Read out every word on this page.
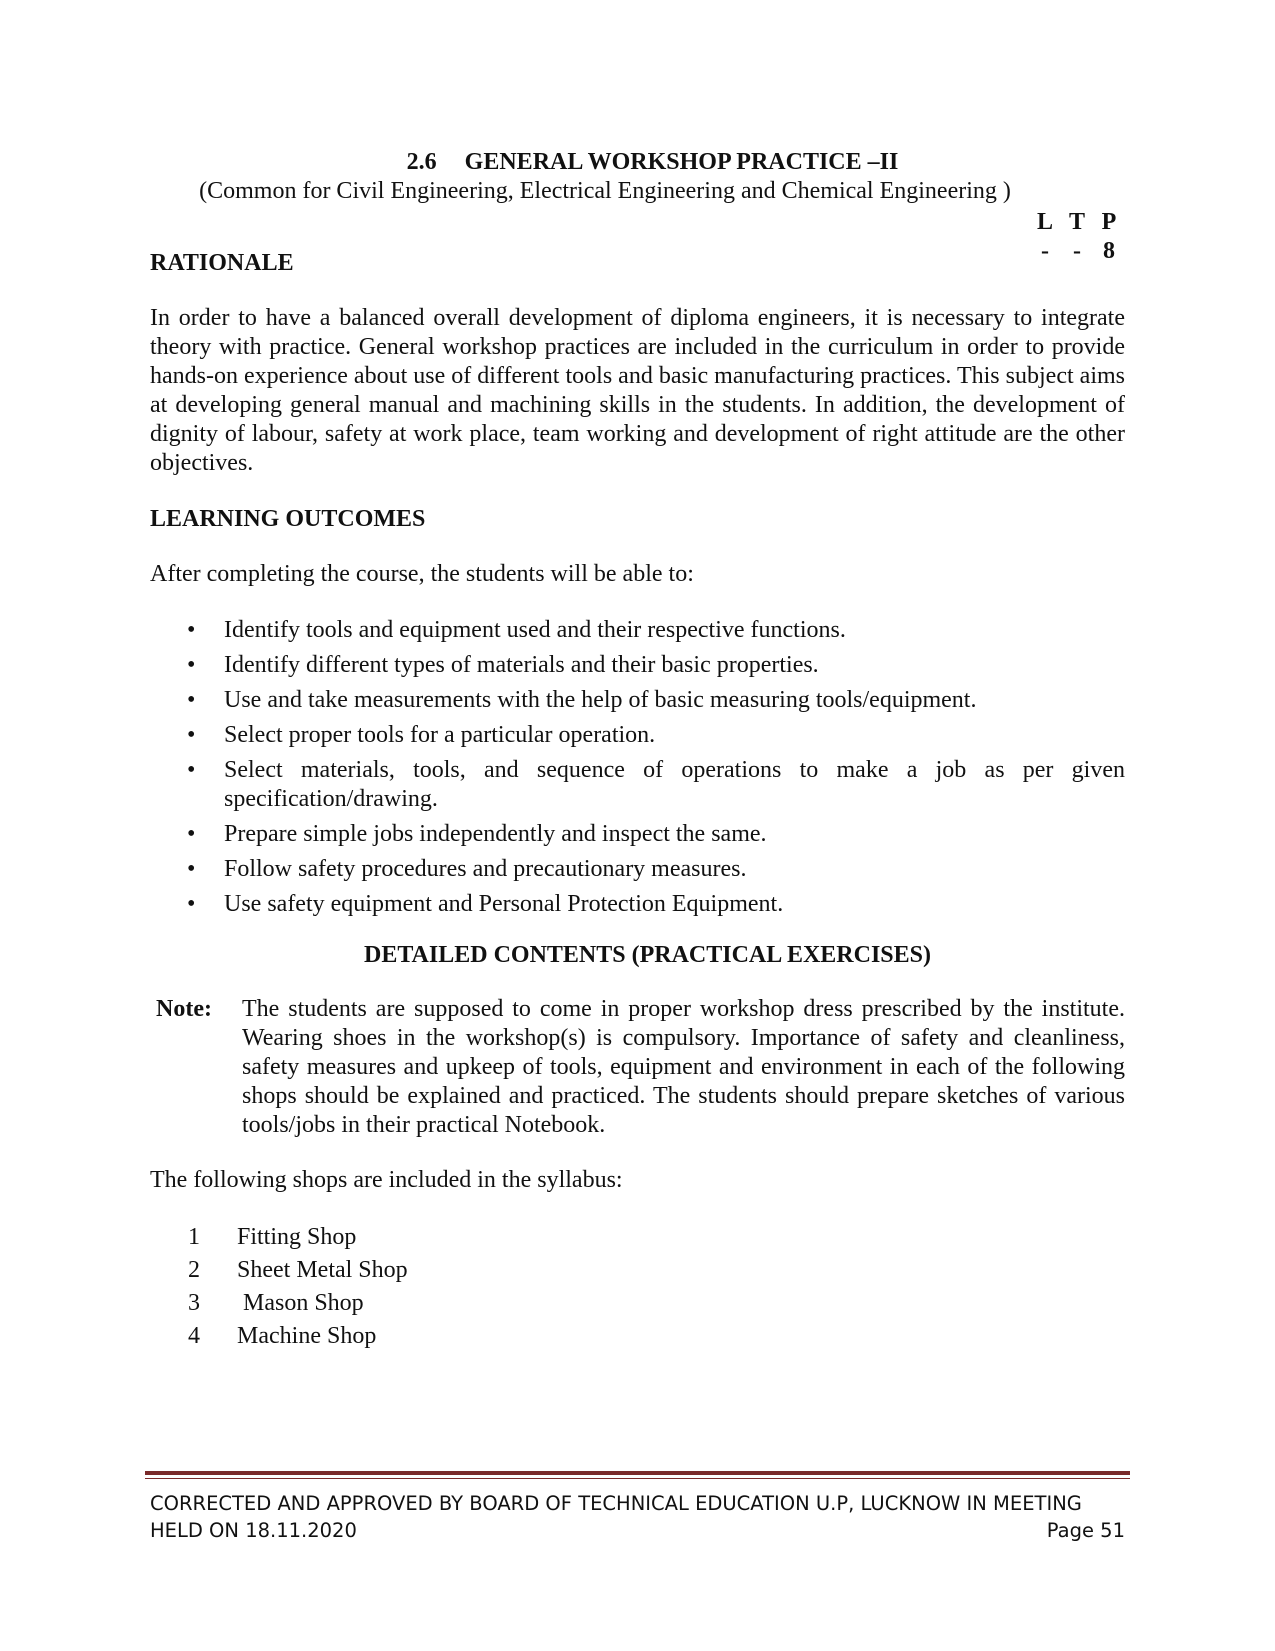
2.6 GENERAL WORKSHOP PRACTICE –II
(Common for Civil Engineering, Electrical Engineering and Chemical Engineering )
L T P
- - 8
RATIONALE
In order to have a balanced overall development of diploma engineers, it is necessary to integrate theory with practice. General workshop practices are included in the curriculum in order to provide hands-on experience about use of different tools and basic manufacturing practices. This subject aims at developing general manual and machining skills in the students. In addition, the development of dignity of labour, safety at work place, team working and development of right attitude are the other objectives.
LEARNING OUTCOMES
After completing the course, the students will be able to:
• Identify tools and equipment used and their respective functions.
• Identify different types of materials and their basic properties.
• Use and take measurements with the help of basic measuring tools/equipment.
• Select proper tools for a particular operation.
• Select materials, tools, and sequence of operations to make a job as per given specification/drawing.
• Prepare simple jobs independently and inspect the same.
• Follow safety procedures and precautionary measures.
• Use safety equipment and Personal Protection Equipment.
DETAILED CONTENTS (PRACTICAL EXERCISES)
Note: The students are supposed to come in proper workshop dress prescribed by the institute. Wearing shoes in the workshop(s) is compulsory. Importance of safety and cleanliness, safety measures and upkeep of tools, equipment and environment in each of the following shops should be explained and practiced. The students should prepare sketches of various tools/jobs in their practical Notebook.
The following shops are included in the syllabus:
1 Fitting Shop
2 Sheet Metal Shop
3 Mason Shop
4 Machine Shop
CORRECTED AND APPROVED BY BOARD OF TECHNICAL EDUCATION U.P, LUCKNOW IN MEETING
HELD ON 18.11.2020	Page 51
